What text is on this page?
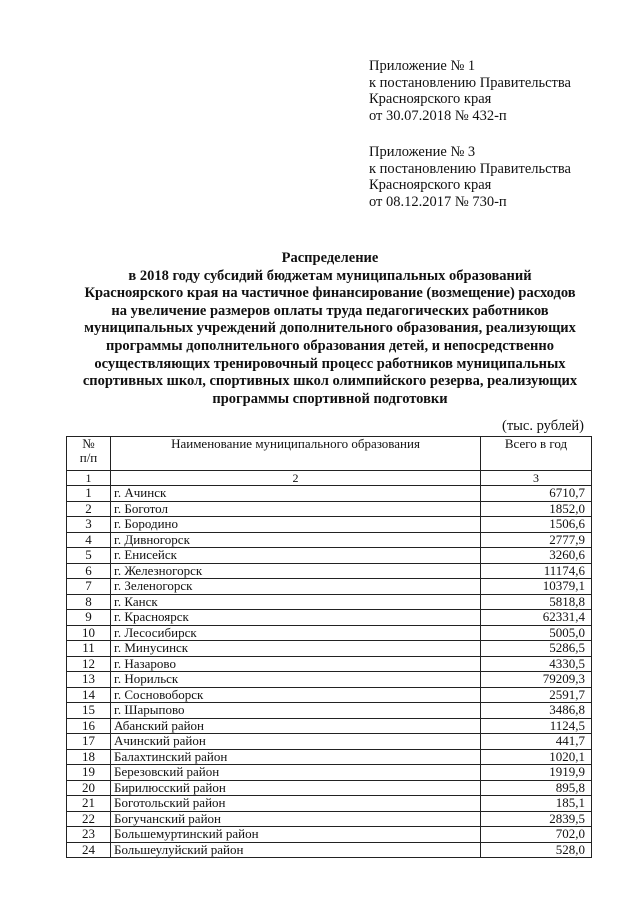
Приложение № 1
к постановлению Правительства
Красноярского края
от 30.07.2018 № 432-п
Приложение № 3
к постановлению Правительства
Красноярского края
от 08.12.2017 № 730-п
Распределение
в 2018 году субсидий бюджетам муниципальных образований
Красноярского края на частичное финансирование (возмещение) расходов
на увеличение размеров оплаты труда педагогических работников
муниципальных учреждений дополнительного образования, реализующих
программы дополнительного образования детей, и непосредственно
осуществляющих тренировочный процесс работников муниципальных
спортивных школ, спортивных школ олимпийского резерва, реализующих
программы спортивной подготовки
(тыс. рублей)
№
п/п	Наименование муниципального образования	Всего в год
1	2	3
1	г. Ачинск	6710,7
2	г. Боготол	1852,0
3	г. Бородино	1506,6
4	г. Дивногорск	2777,9
5	г. Енисейск	3260,6
6	г. Железногорск	11174,6
7	г. Зеленогорск	10379,1
8	г. Канск	5818,8
9	г. Красноярск	62331,4
10	г. Лесосибирск	5005,0
11	г. Минусинск	5286,5
12	г. Назарово	4330,5
13	г. Норильск	79209,3
14	г. Сосновоборск	2591,7
15	г. Шарыпово	3486,8
16	Абанский район	1124,5
17	Ачинский район	441,7
18	Балахтинский район	1020,1
19	Березовский район	1919,9
20	Бирилюсский район	895,8
21	Боготольский район	185,1
22	Богучанский район	2839,5
23	Большемуртинский район	702,0
24	Большеулуйский район	528,0
